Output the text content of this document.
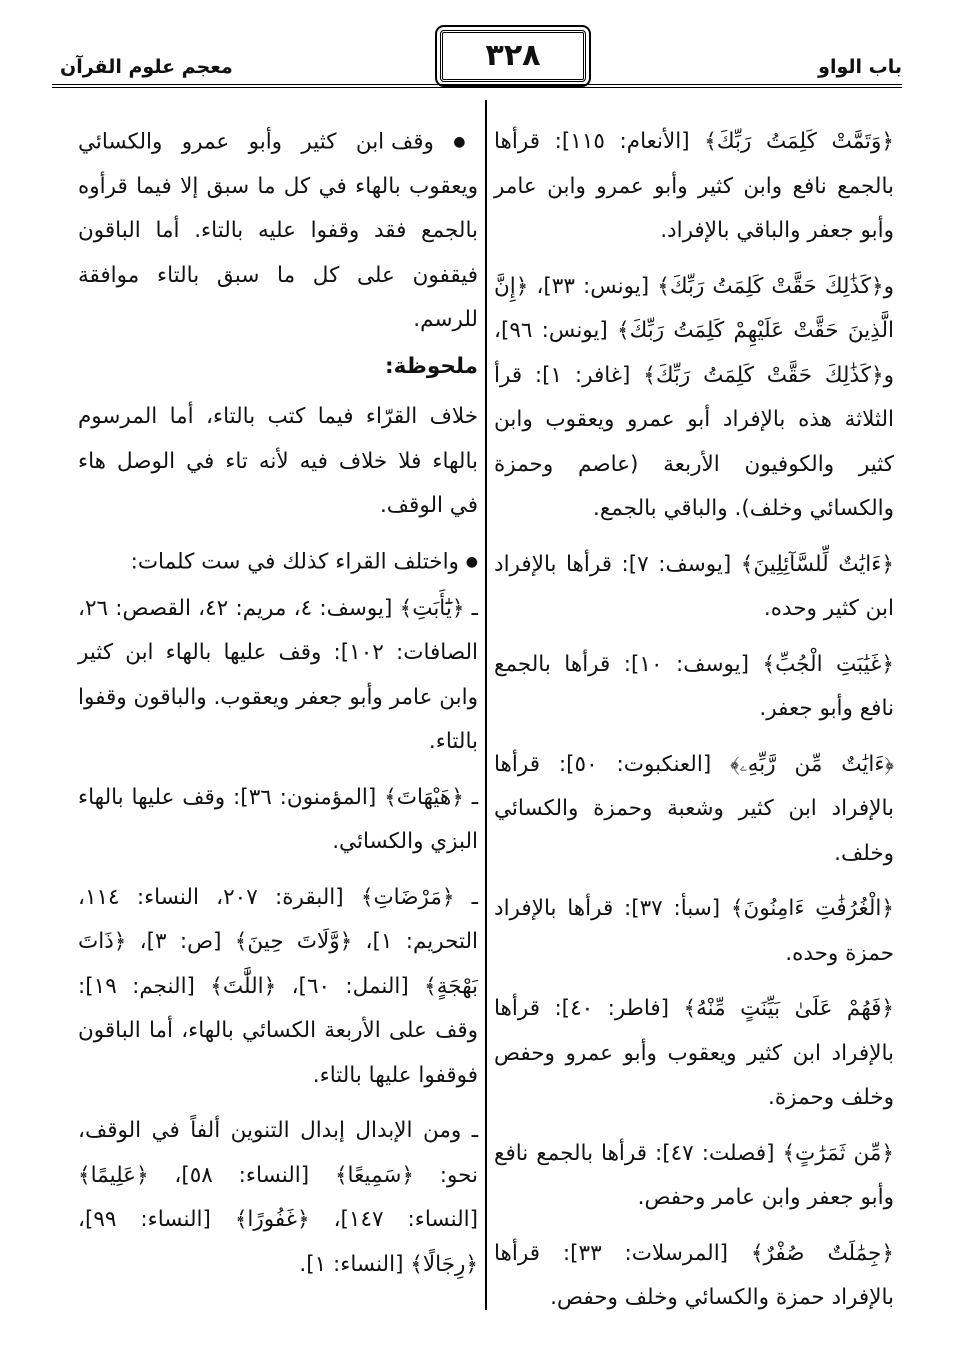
باب الواو
٣٢٨
معجم علوم القرآن

﴿وَتَمَّتْ كَلِمَتُ رَبِّكَ﴾ [الأنعام: ١١٥]: قرأها بالجمع نافع وابن كثير وأبو عمرو وابن عامر وأبو جعفر والباقي بالإفراد.

و﴿كَذَٰلِكَ حَقَّتْ كَلِمَتُ رَبِّكَ﴾ [يونس: ٣٣]، ﴿إِنَّ الَّذِينَ حَقَّتْ عَلَيْهِمْ كَلِمَتُ رَبِّكَ﴾ [يونس: ٩٦]، و﴿كَذَٰلِكَ حَقَّتْ كَلِمَتُ رَبِّكَ﴾ [غافر: ١]: قرأ الثلاثة هذه بالإفراد أبو عمرو ويعقوب وابن كثير والكوفيون الأربعة (عاصم وحمزة والكسائي وخلف). والباقي بالجمع.

﴿ءَايَٰتٌ لِّلسَّآئِلِينَ﴾ [يوسف: ٧]: قرأها بالإفراد ابن كثير وحده.

﴿غَيَٰبَتِ الْجُبِّ﴾ [يوسف: ١٠]: قرأها بالجمع نافع وأبو جعفر.

﴿ءَايَٰتٌ مِّن رَّبِّهِۦ﴾ [العنكبوت: ٥٠]: قرأها بالإفراد ابن كثير وشعبة وحمزة والكسائي وخلف.

﴿الْغُرُفَٰتِ ءَامِنُونَ﴾ [سبأ: ٣٧]: قرأها بالإفراد حمزة وحده.

﴿فَهُمْ عَلَىٰ بَيِّنَتٍ مِّنْهُ﴾ [فاطر: ٤٠]: قرأها بالإفراد ابن كثير ويعقوب وأبو عمرو وحفص وخلف وحمزة.

﴿مِّن ثَمَرَٰتٍ﴾ [فصلت: ٤٧]: قرأها بالجمع نافع وأبو جعفر وابن عامر وحفص.

﴿جِمَٰلَتٌ صُفْرٌ﴾ [المرسلات: ٣٣]: قرأها بالإفراد حمزة والكسائي وخلف وحفص.

● وقف ابن كثير وأبو عمرو والكسائي ويعقوب بالهاء في كل ما سبق إلا فيما قرأوه بالجمع فقد وقفوا عليه بالتاء. أما الباقون فيقفون على كل ما سبق بالتاء موافقة للرسم.

ملحوظة:

خلاف القرّاء فيما كتب بالتاء، أما المرسوم بالهاء فلا خلاف فيه لأنه تاء في الوصل هاء في الوقف.

● واختلف القراء كذلك في ست كلمات:

ـ ﴿يَٰٓأَبَتِ﴾ [يوسف: ٤، مريم: ٤٢، القصص: ٢٦، الصافات: ١٠٢]: وقف عليها بالهاء ابن كثير وابن عامر وأبو جعفر ويعقوب. والباقون وقفوا بالتاء.

ـ ﴿هَيْهَاتَ﴾ [المؤمنون: ٣٦]: وقف عليها بالهاء البزي والكسائي.

ـ ﴿مَرْضَاتِ﴾ [البقرة: ٢٠٧، النساء: ١١٤، التحريم: ١]، ﴿وَّلَاتَ حِينَ﴾ [ص: ٣]، ﴿ذَاتَ بَهْجَةٍ﴾ [النمل: ٦٠]، ﴿اللَّٰتَ﴾ [النجم: ١٩]: وقف على الأربعة الكسائي بالهاء، أما الباقون فوقفوا عليها بالتاء.

ـ ومن الإبدال إبدال التنوين ألفاً في الوقف، نحو: ﴿سَمِيعًا﴾ [النساء: ٥٨]، ﴿عَلِيمًا﴾ [النساء: ١٤٧]، ﴿غَفُورًا﴾ [النساء: ٩٩]، ﴿رِجَالًا﴾ [النساء: ١].
